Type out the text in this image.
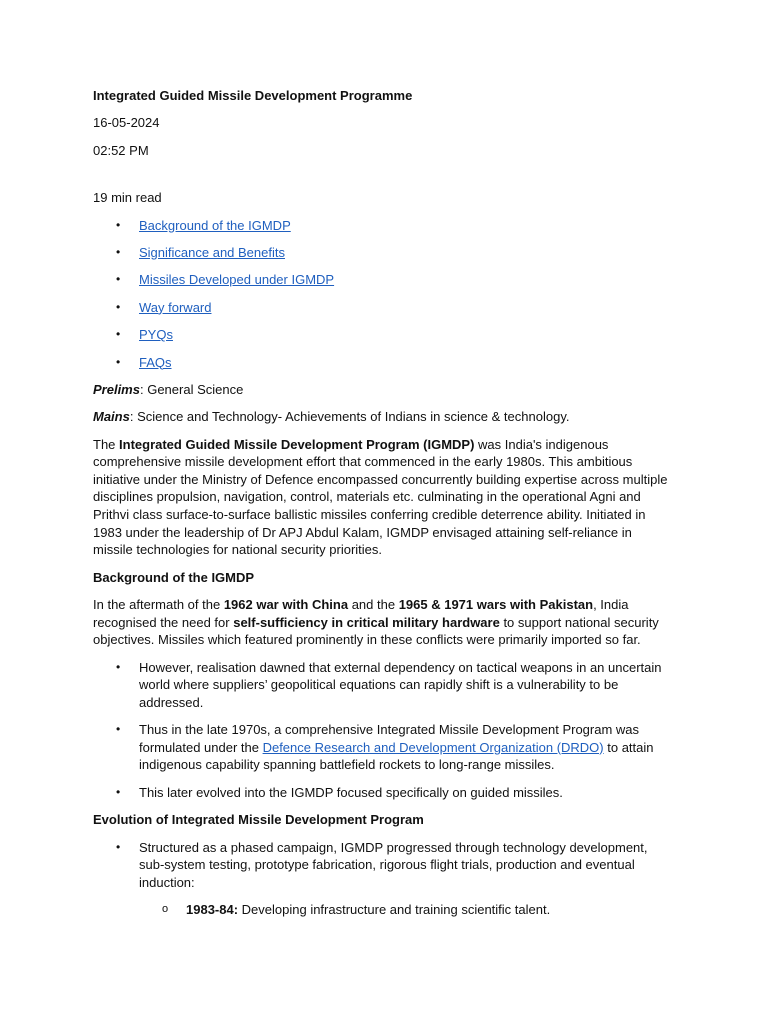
Integrated Guided Missile Development Programme
16-05-2024
02:52 PM
19 min read
• Background of the IGMDP
• Significance and Benefits
• Missiles Developed under IGMDP
• Way forward
• PYQs
• FAQs
Prelims: General Science
Mains: Science and Technology- Achievements of Indians in science & technology.
The Integrated Guided Missile Development Program (IGMDP) was India's indigenous comprehensive missile development effort that commenced in the early 1980s. This ambitious initiative under the Ministry of Defence encompassed concurrently building expertise across multiple disciplines propulsion, navigation, control, materials etc. culminating in the operational Agni and Prithvi class surface-to-surface ballistic missiles conferring credible deterrence ability. Initiated in 1983 under the leadership of Dr APJ Abdul Kalam, IGMDP envisaged attaining self-reliance in missile technologies for national security priorities.
Background of the IGMDP
In the aftermath of the 1962 war with China and the 1965 & 1971 wars with Pakistan, India recognised the need for self-sufficiency in critical military hardware to support national security objectives. Missiles which featured prominently in these conflicts were primarily imported so far.
• However, realisation dawned that external dependency on tactical weapons in an uncertain world where suppliers’ geopolitical equations can rapidly shift is a vulnerability to be addressed.
• Thus in the late 1970s, a comprehensive Integrated Missile Development Program was formulated under the Defence Research and Development Organization (DRDO) to attain indigenous capability spanning battlefield rockets to long-range missiles.
• This later evolved into the IGMDP focused specifically on guided missiles.
Evolution of Integrated Missile Development Program
• Structured as a phased campaign, IGMDP progressed through technology development, sub-system testing, prototype fabrication, rigorous flight trials, production and eventual induction:
o 1983-84: Developing infrastructure and training scientific talent.
